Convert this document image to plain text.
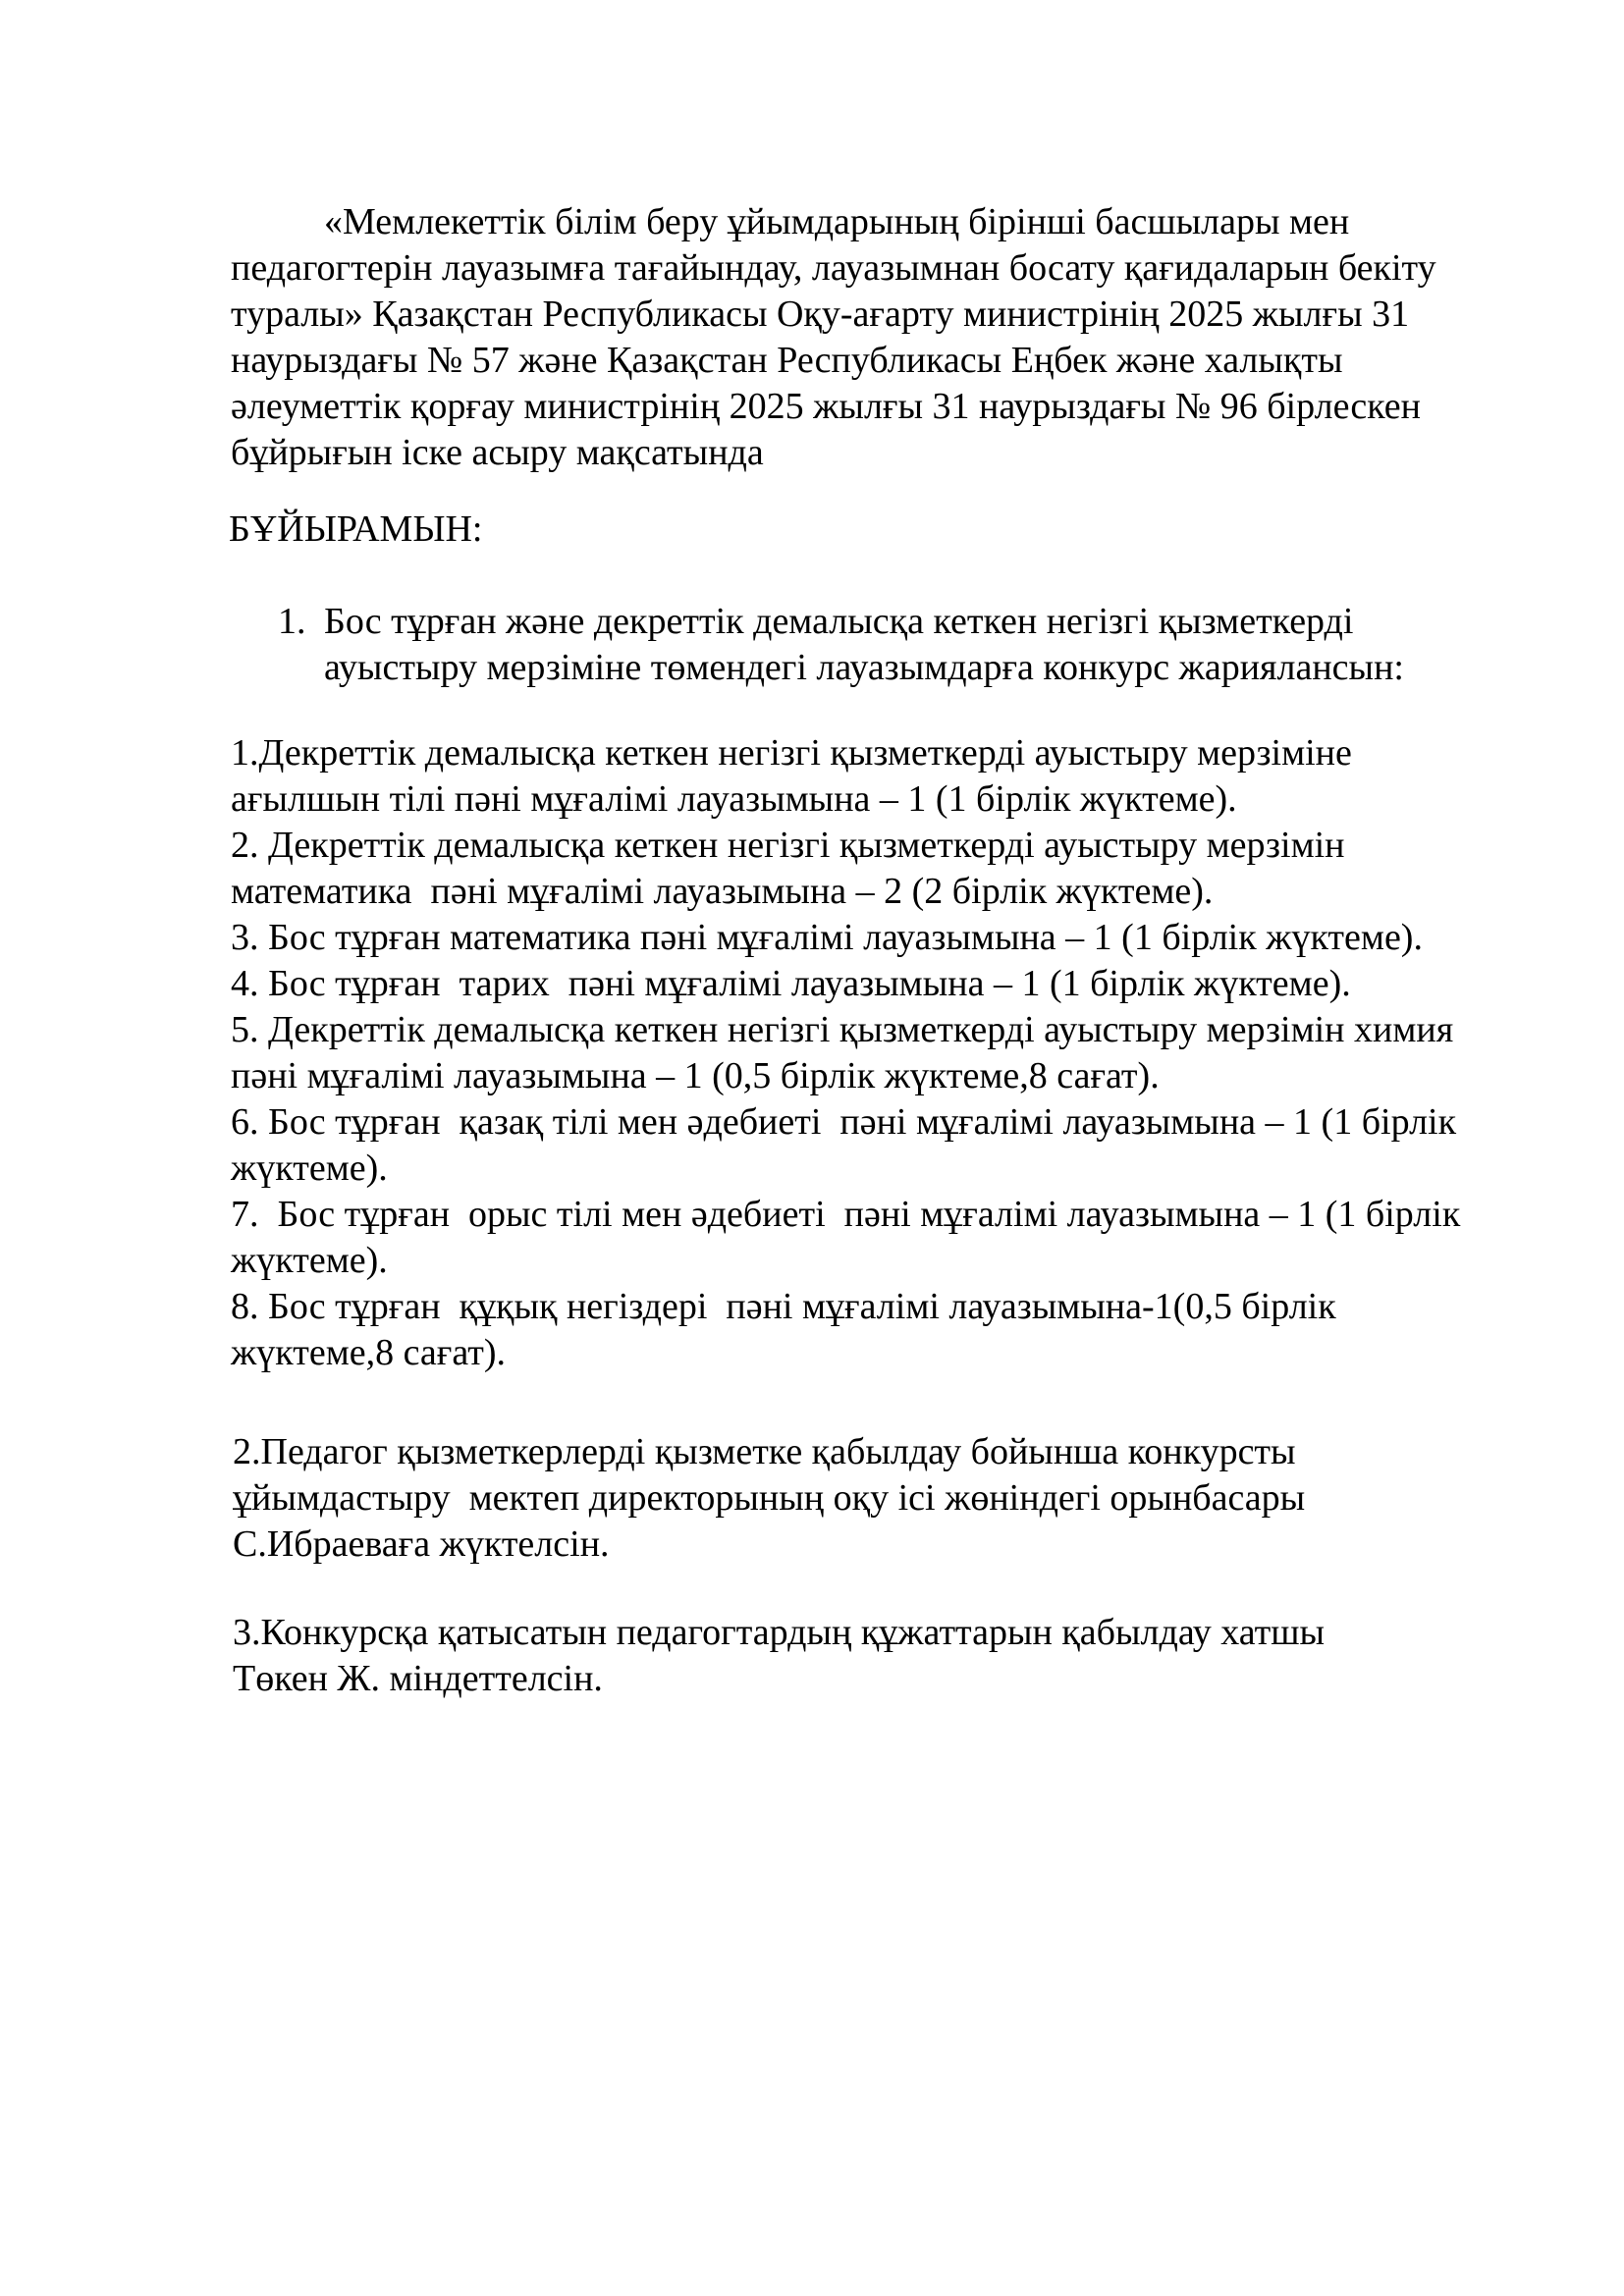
«Мемлекеттік білім беру ұйымдарының бірінші басшылары мен
педагогтерін лауазымға тағайындау, лауазымнан босату қағидаларын бекіту
туралы» Қазақстан Республикасы Оқу-ағарту министрінің 2025 жылғы 31
наурыздағы № 57 және Қазақстан Республикасы Еңбек және халықты
әлеуметтік қорғау министрінің 2025 жылғы 31 наурыздағы № 96 бірлескен
бұйрығын іске асыру мақсатында
БҰЙЫРАМЫН:
1. Бос тұрған және декреттік демалысқа кеткен негізгі қызметкерді
ауыстыру мерзіміне төмендегі лауазымдарға конкурс жариялансын:
1.Декреттік демалысқа кеткен негізгі қызметкерді ауыстыру мерзіміне
ағылшын тілі пәні мұғалімі лауазымына – 1 (1 бірлік жүктеме).
2. Декреттік демалысқа кеткен негізгі қызметкерді ауыстыру мерзімін
математика  пәні мұғалімі лауазымына – 2 (2 бірлік жүктеме).
3. Бос тұрған математика пәні мұғалімі лауазымына – 1 (1 бірлік жүктеме).
4. Бос тұрған  тарих  пәні мұғалімі лауазымына – 1 (1 бірлік жүктеме).
5. Декреттік демалысқа кеткен негізгі қызметкерді ауыстыру мерзімін химия
пәні мұғалімі лауазымына – 1 (0,5 бірлік жүктеме,8 сағат).
6. Бос тұрған  қазақ тілі мен әдебиеті  пәні мұғалімі лауазымына – 1 (1 бірлік
жүктеме).
7.  Бос тұрған  орыс тілі мен әдебиеті  пәні мұғалімі лауазымына – 1 (1 бірлік
жүктеме).
8. Бос тұрған  құқық негіздері  пәні мұғалімі лауазымына-1(0,5 бірлік
жүктеме,8 сағат).
2.Педагог қызметкерлерді қызметке қабылдау бойынша конкурсты
ұйымдастыру  мектеп директорының оқу ісі жөніндегі орынбасары
С.Ибраеваға жүктелсін.
3.Конкурсқа қатысатын педагогтардың құжаттарын қабылдау хатшы
Төкен Ж. міндеттелсін.
